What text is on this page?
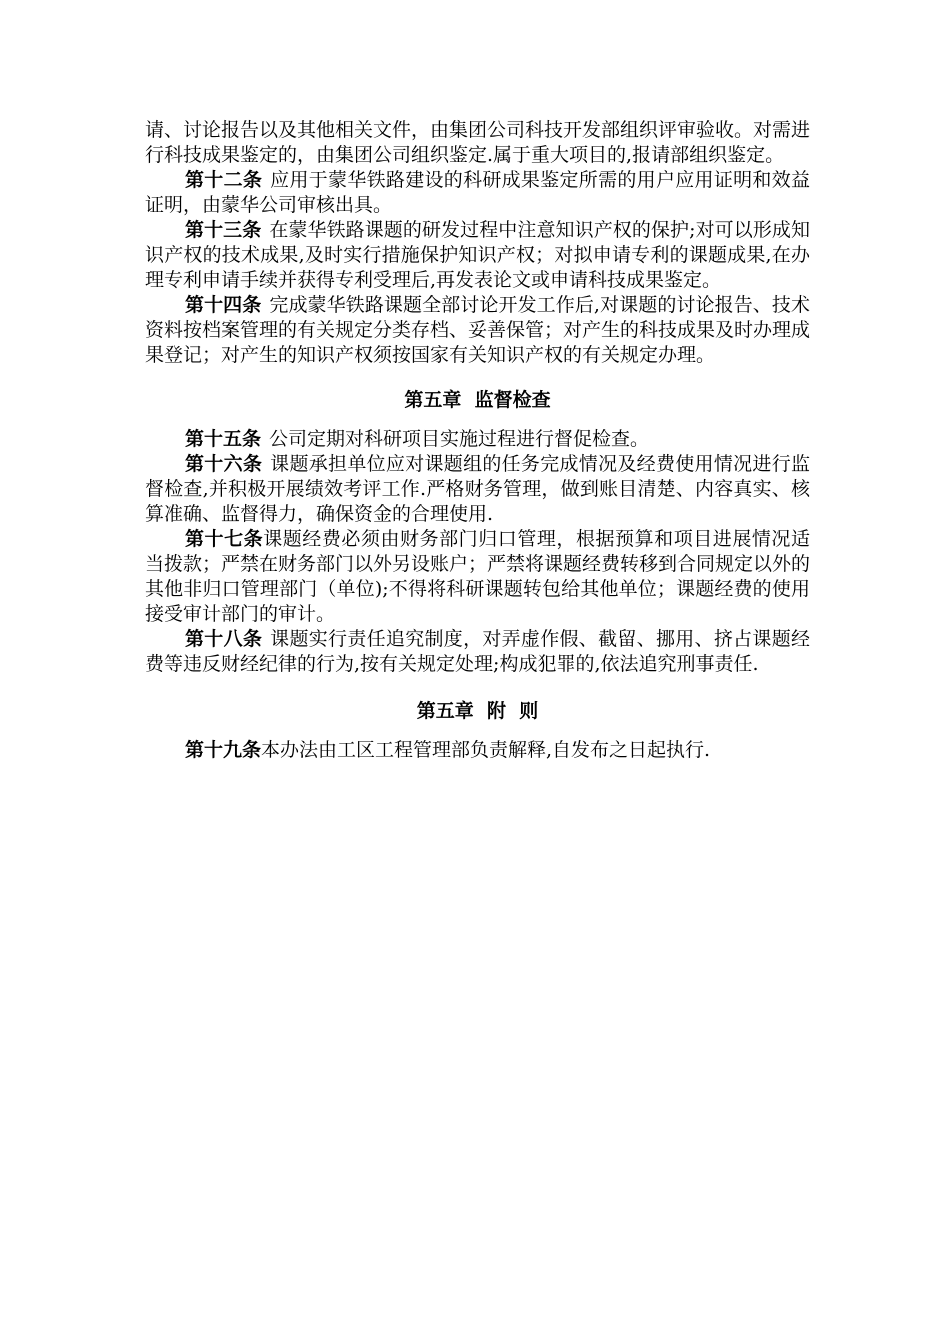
请、讨论报告以及其他相关文件，由集团公司科技开发部组织评审验收。对需进行科技成果鉴定的，由集团公司组织鉴定.属于重大项目的,报请部组织鉴定。

第十二条 应用于蒙华铁路建设的科研成果鉴定所需的用户应用证明和效益证明，由蒙华公司审核出具。

第十三条 在蒙华铁路课题的研发过程中注意知识产权的保护;对可以形成知识产权的技术成果,及时实行措施保护知识产权；对拟申请专利的课题成果,在办理专利申请手续并获得专利受理后,再发表论文或申请科技成果鉴定。

第十四条 完成蒙华铁路课题全部讨论开发工作后,对课题的讨论报告、技术资料按档案管理的有关规定分类存档、妥善保管；对产生的科技成果及时办理成果登记；对产生的知识产权须按国家有关知识产权的有关规定办理。

第五章  监督检查

第十五条 公司定期对科研项目实施过程进行督促检查。

第十六条 课题承担单位应对课题组的任务完成情况及经费使用情况进行监督检查,并积极开展绩效考评工作.严格财务管理，做到账目清楚、内容真实、核算准确、监督得力，确保资金的合理使用.

第十七条课题经费必须由财务部门归口管理，根据预算和项目进展情况适当拨款；严禁在财务部门以外另设账户；严禁将课题经费转移到合同规定以外的其他非归口管理部门（单位);不得将科研课题转包给其他单位；课题经费的使用接受审计部门的审计。

第十八条 课题实行责任追究制度，对弄虚作假、截留、挪用、挤占课题经费等违反财经纪律的行为,按有关规定处理;构成犯罪的,依法追究刑事责任.

第五章  附  则

第十九条本办法由工区工程管理部负责解释,自发布之日起执行.
